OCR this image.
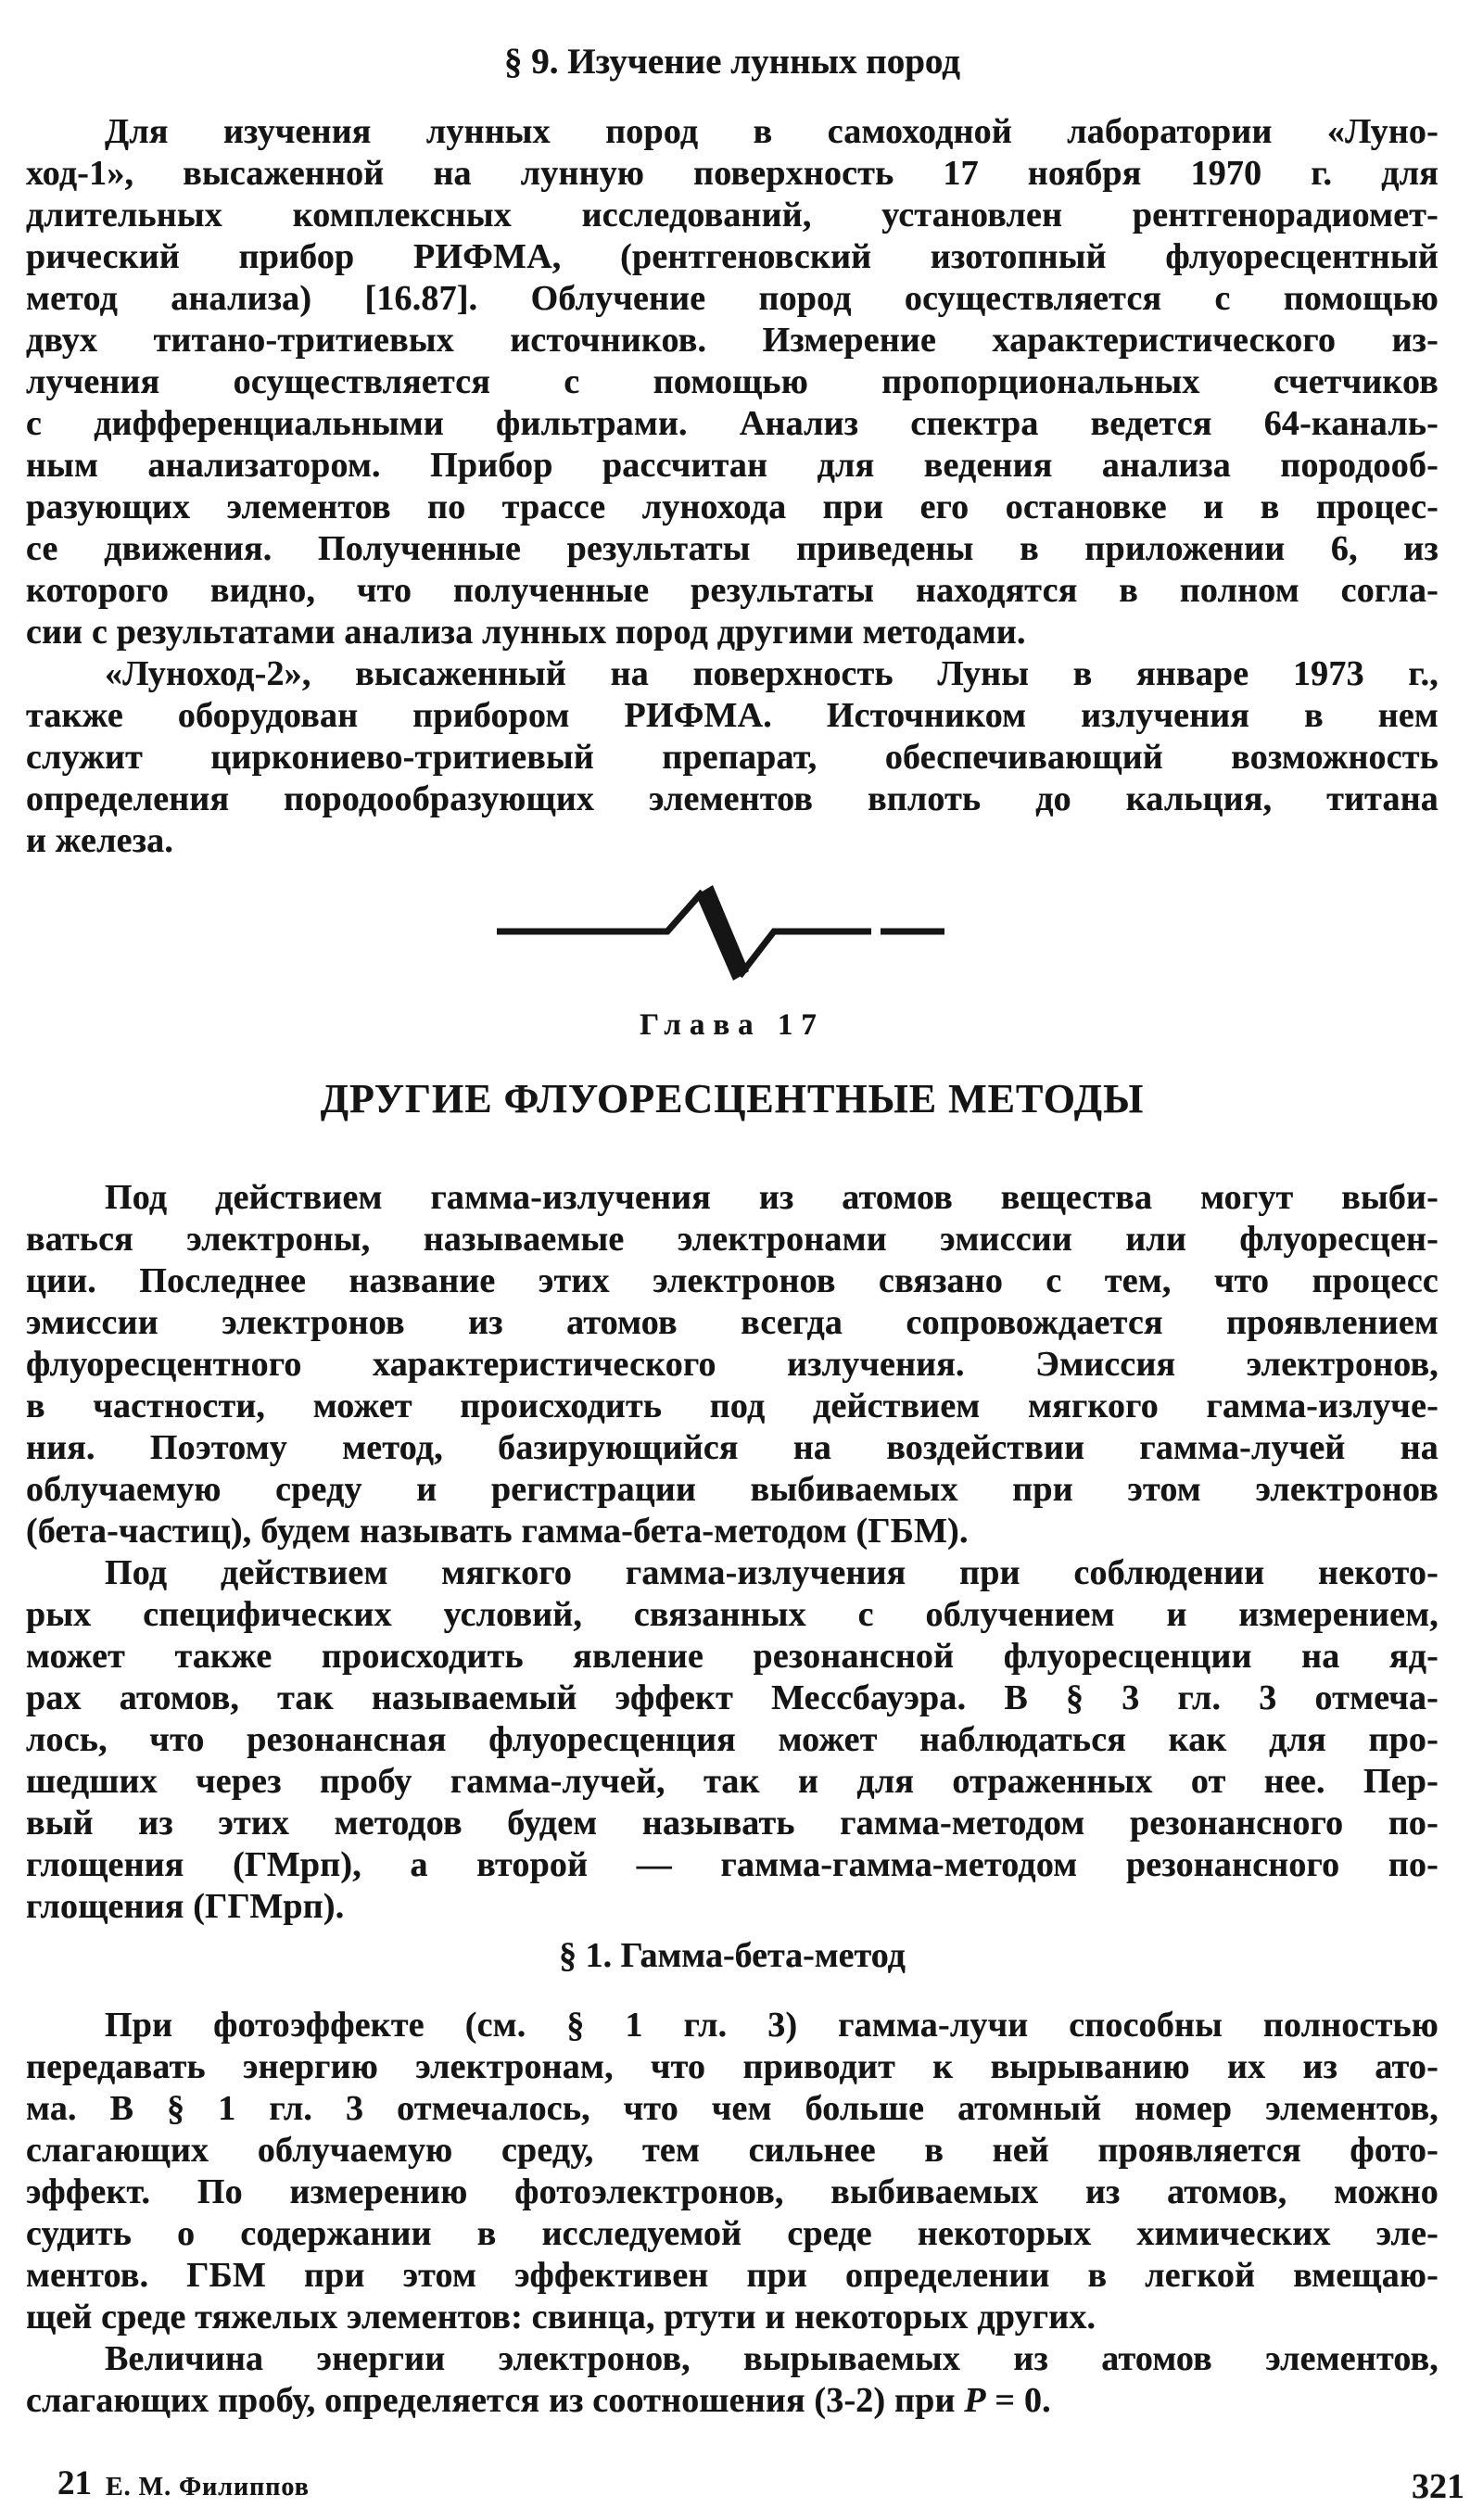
§ 9. Изучение лунных пород
Для изучения лунных пород в самоходной лаборатории «Луно-
ход-1», высаженной на лунную поверхность 17 ноября 1970 г. для
длительных комплексных исследований, установлен рентгенорадиомет-
рический прибор РИФМА, (рентгеновский изотопный флуоресцентный
метод анализа) [16.87]. Облучение пород осуществляется с помощью
двух титано-тритиевых источников. Измерение характеристического из-
лучения осуществляется с помощью пропорциональных счетчиков
с дифференциальными фильтрами. Анализ спектра ведется 64-каналь-
ным анализатором. Прибор рассчитан для ведения анализа породооб-
разующих элементов по трассе лунохода при его остановке и в процес-
се движения. Полученные результаты приведены в приложении 6, из
которого видно, что полученные результаты находятся в полном согла-
сии с результатами анализа лунных пород другими методами.
«Луноход-2», высаженный на поверхность Луны в январе 1973 г.,
также оборудован прибором РИФМА. Источником излучения в нем
служит циркониево-тритиевый препарат, обеспечивающий возможность
определения породообразующих элементов вплоть до кальция, титана
и железа.
Глава 17
ДРУГИЕ ФЛУОРЕСЦЕНТНЫЕ МЕТОДЫ
Под действием гамма-излучения из атомов вещества могут выби-
ваться электроны, называемые электронами эмиссии или флуоресцен-
ции. Последнее название этих электронов связано с тем, что процесс
эмиссии электронов из атомов всегда сопровождается проявлением
флуоресцентного характеристического излучения. Эмиссия электронов,
в частности, может происходить под действием мягкого гамма-излуче-
ния. Поэтому метод, базирующийся на воздействии гамма-лучей на
облучаемую среду и регистрации выбиваемых при этом электронов
(бета-частиц), будем называть гамма-бета-методом (ГБМ).
Под действием мягкого гамма-излучения при соблюдении некото-
рых специфических условий, связанных с облучением и измерением,
может также происходить явление резонансной флуоресценции на яд-
рах атомов, так называемый эффект Мессбауэра. В § 3 гл. 3 отмеча-
лось, что резонансная флуоресценция может наблюдаться как для про-
шедших через пробу гамма-лучей, так и для отраженных от нее. Пер-
вый из этих методов будем называть гамма-методом резонансного по-
глощения (ГМрп), а второй — гамма-гамма-методом резонансного по-
глощения (ГГМрп).
§ 1. Гамма-бета-метод
При фотоэффекте (см. § 1 гл. 3) гамма-лучи способны полностью
передавать энергию электронам, что приводит к вырыванию их из ато-
ма. В § 1 гл. 3 отмечалось, что чем больше атомный номер элементов,
слагающих облучаемую среду, тем сильнее в ней проявляется фото-
эффект. По измерению фотоэлектронов, выбиваемых из атомов, можно
судить о содержании в исследуемой среде некоторых химических эле-
ментов. ГБМ при этом эффективен при определении в легкой вмещаю-
щей среде тяжелых элементов: свинца, ртути и некоторых других.
Величина энергии электронов, вырываемых из атомов элементов,
слагающих пробу, определяется из соотношения (3-2) при P = 0.
21 Е. М. Филиппов	321
